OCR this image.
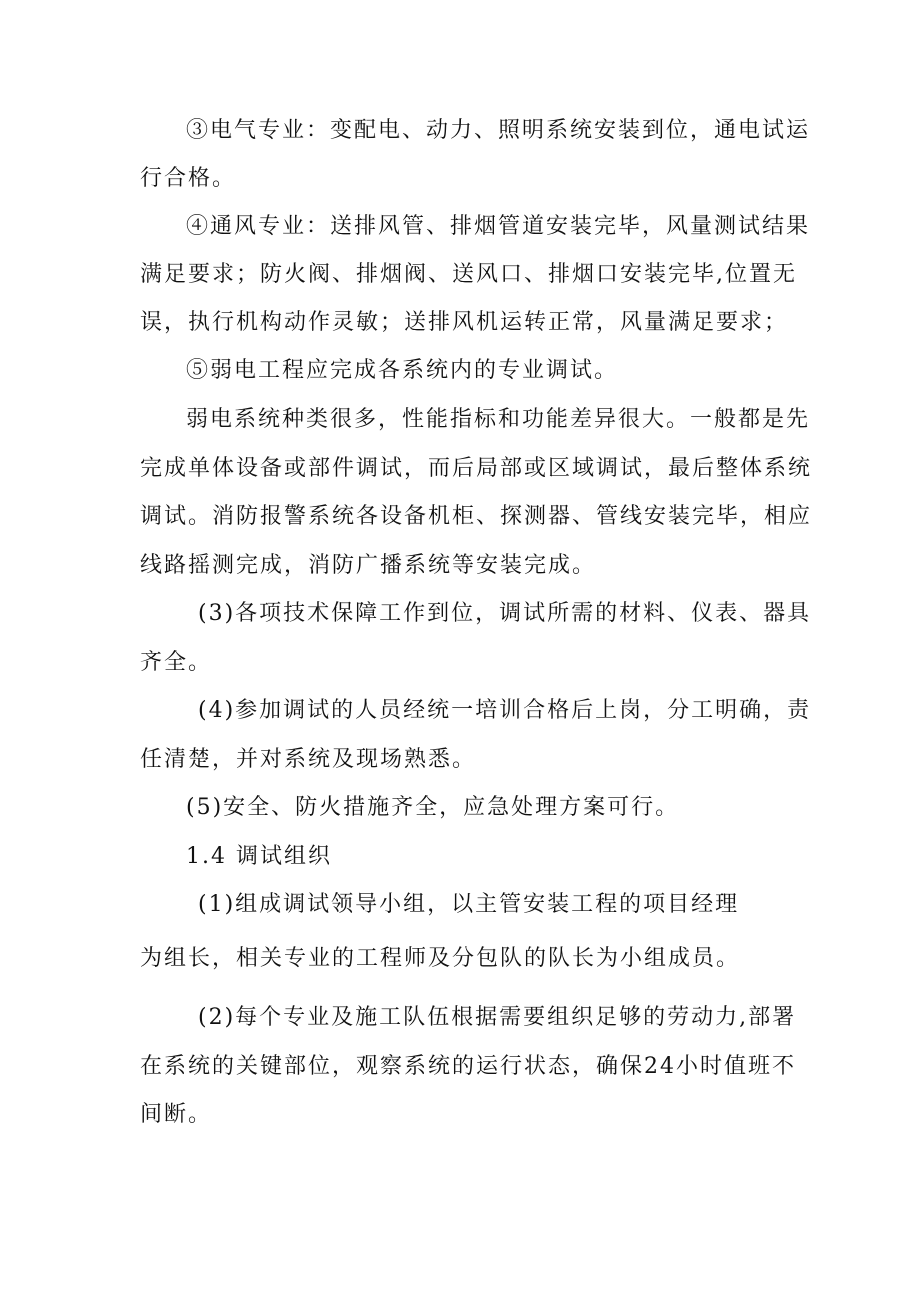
③电气专业：变配电、动力、照明系统安装到位，通电试运
行合格。
④通风专业：送排风管、排烟管道安装完毕，风量测试结果
满足要求；防火阀、排烟阀、送风口、排烟口安装完毕,位置无
误，执行机构动作灵敏；送排风机运转正常，风量满足要求；
⑤弱电工程应完成各系统内的专业调试。
弱电系统种类很多，性能指标和功能差异很大。一般都是先
完成单体设备或部件调试，而后局部或区域调试，最后整体系统
调试。消防报警系统各设备机柜、探测器、管线安装完毕，相应
线路摇测完成，消防广播系统等安装完成。
(3)各项技术保障工作到位，调试所需的材料、仪表、器具
齐全。
(4)参加调试的人员经统一培训合格后上岗，分工明确，责
任清楚，并对系统及现场熟悉。
(5)安全、防火措施齐全，应急处理方案可行。
1.4 调试组织
(1)组成调试领导小组，以主管安装工程的项目经理
为组长，相关专业的工程师及分包队的队长为小组成员。
(2)每个专业及施工队伍根据需要组织足够的劳动力,部署
在系统的关键部位，观察系统的运行状态，确保24小时值班不
间断。
